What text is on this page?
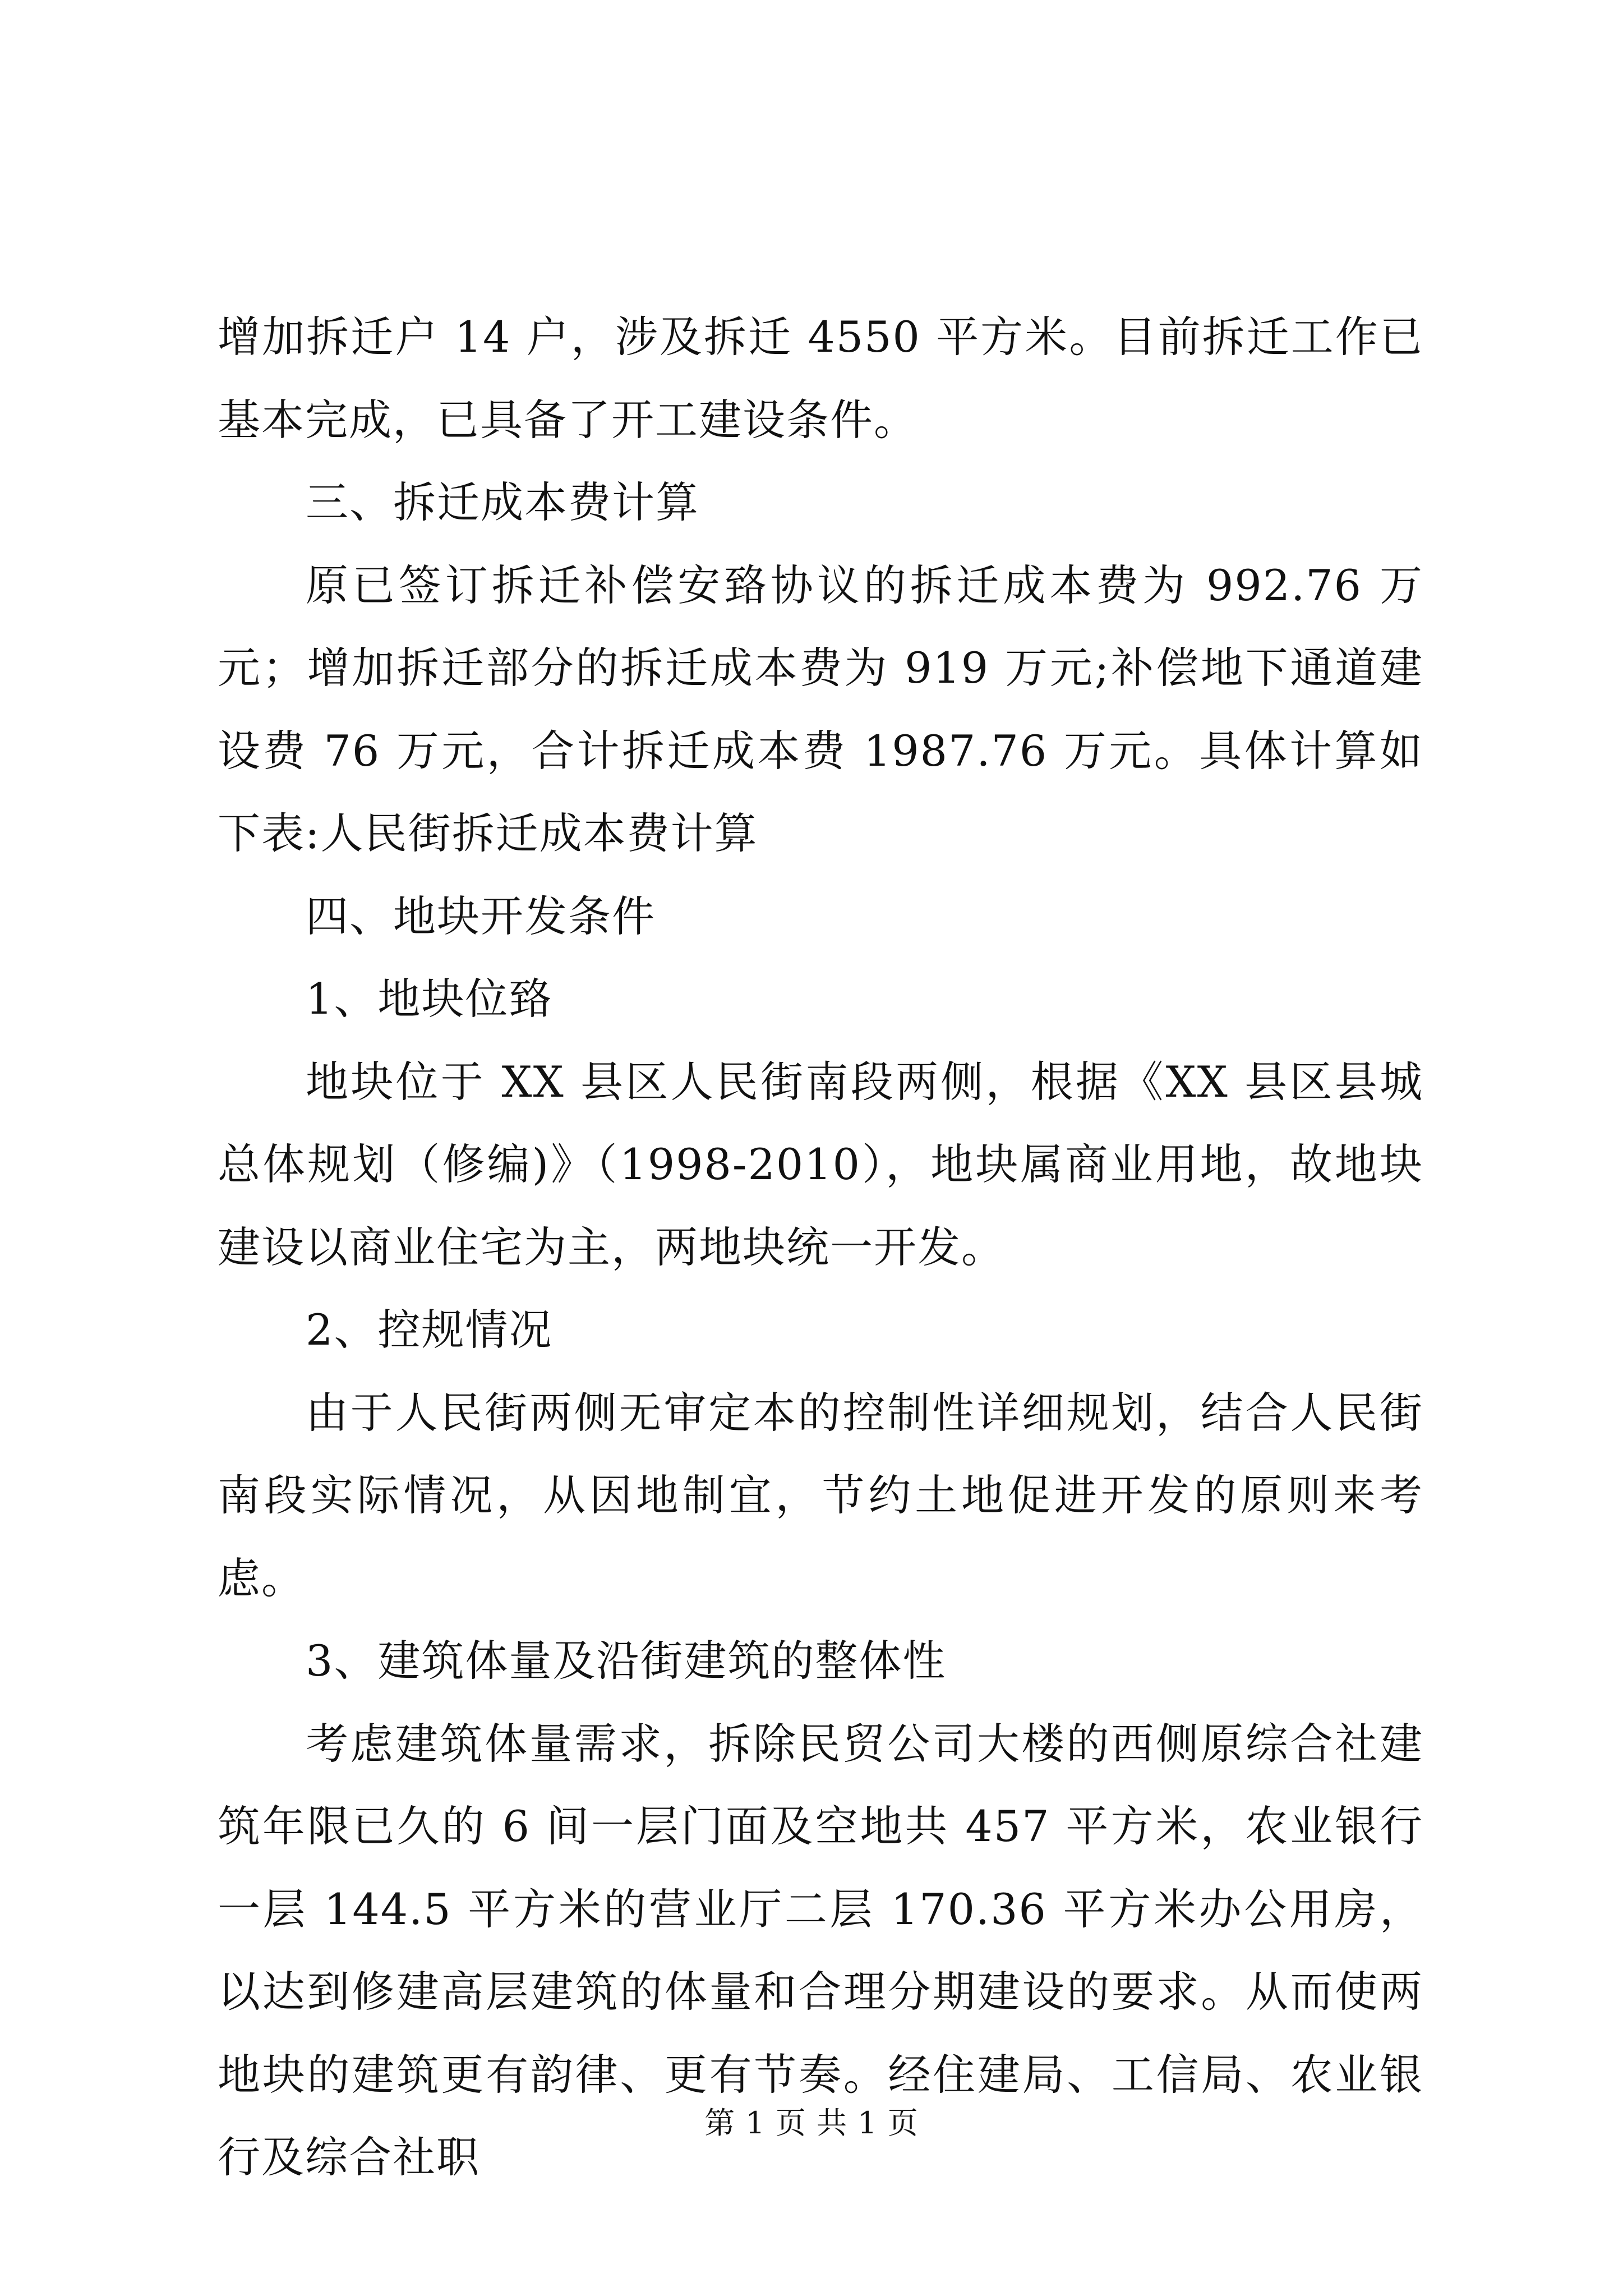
增加拆迁户 14 户，涉及拆迁 4550 平方米。目前拆迁工作已基本完成，已具备了开工建设条件。

三、拆迁成本费计算

原已签订拆迁补偿安臵协议的拆迁成本费为 992.76 万元；增加拆迁部分的拆迁成本费为 919 万元;补偿地下通道建设费 76 万元，合计拆迁成本费 1987.76 万元。具体计算如下表:人民街拆迁成本费计算

四、地块开发条件

1、地块位臵

地块位于 XX 县区人民街南段两侧，根据《XX 县区县城总体规划（修编)》（1998-2010），地块属商业用地，故地块建设以商业住宅为主，两地块统一开发。

2、控规情况

由于人民街两侧无审定本的控制性详细规划，结合人民街南段实际情况，从因地制宜，节约土地促进开发的原则来考虑。

3、建筑体量及沿街建筑的整体性

考虑建筑体量需求，拆除民贸公司大楼的西侧原综合社建筑年限已久的 6 间一层门面及空地共 457 平方米，农业银行一层 144.5 平方米的营业厅二层 170.36 平方米办公用房，以达到修建高层建筑的体量和合理分期建设的要求。从而使两地块的建筑更有韵律、更有节奏。经住建局、工信局、农业银行及综合社职

第 1 页 共 1 页
